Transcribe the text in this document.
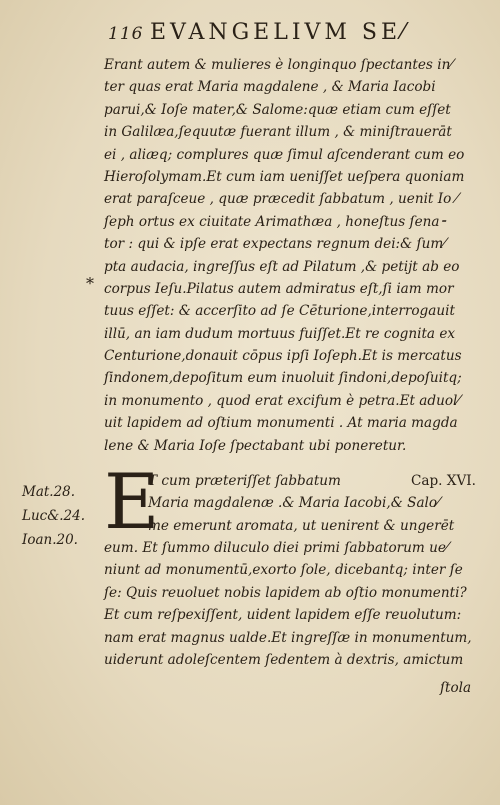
116 EVANGELIVM SE⁄
*
Erant autem & mulieres è longinquo ſpectantes in⁄
ter quas erat Maria magdalene , & Maria Iacobi
parui,& Ioſe mater,& Salome:quæ etiam cum eſſet
in Galilæa,ſequutæ fuerant illum , & miniſtrauerāt
ei , aliæq; complures quæ ſimul aſcenderant cum eo
Hieroſolymam.Et cum iam ueniſſet ueſpera quoniam
erat paraſceue , quæ præcedit ſabbatum , uenit Io ⁄
ſeph ortus ex ciuitate Arimathæa , honeſtus ſena⁃
tor : qui & ipſe erat expectans regnum dei:& ſum⁄
pta audacia, ingreſſus eſt ad Pilatum ,& petijt ab eo
corpus Ieſu.Pilatus autem admiratus eſt,ſi iam mor
tuus eſſet: & accerſito ad ſe Cēturione,interrogauit
illū, an iam dudum mortuus fuiſſet.Et re cognita ex
Centurione,donauit cōpus ipſi Ioſeph.Et is mercatus
ſindonem,depoſitum eum inuoluit ſindoni,depoſuitq;
in monumento , quod erat excifum è petra.Et aduol⁄
uit lapidem ad oſtium monumenti . At maria magda
lene & Maria Ioſe ſpectabant ubi poneretur.
Mat.28.
Luc&.24.
Ioan.20. E
T cum præteriſſet ſabbatum	Cap. XVI.
Maria magdalenæ .& Maria Iacobi,& Salo⁄
me emerunt aromata, ut uenirent & ungerēt
eum. Et ſummo diluculo diei primi ſabbatorum ue⁄
niunt ad monumentū,exorto ſole, dicebantq; inter ſe
ſe: Quis reuoluet nobis lapidem ab oſtio monumenti?
Et cum reſpexiſſent, uident lapidem eſſe reuolutum:
nam erat magnus ualde.Et ingreſſæ in monumentum,
uiderunt adoleſcentem ſedentem à dextris, amictum
ſtola
